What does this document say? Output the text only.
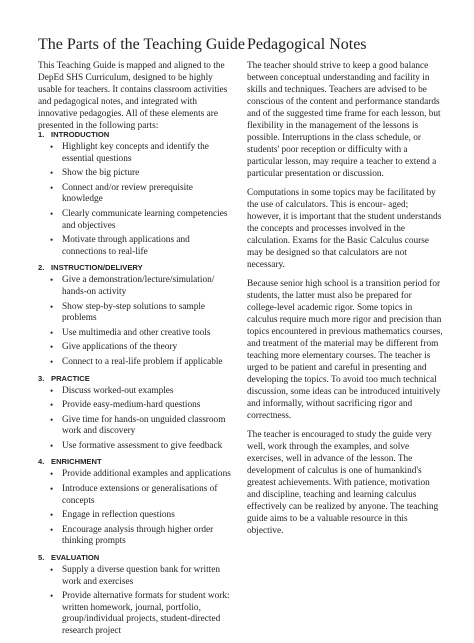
The Parts of the Teaching Guide

This Teaching Guide is mapped and aligned to the DepEd SHS Curriculum, designed to be highly usable for teachers. It contains classroom activities and pedagogical notes, and integrated with innovative pedagogies. All of these elements are presented in the following parts:

1. INTRODUCTION
• Highlight key concepts and identify the essential questions
• Show the big picture
• Connect and/or review prerequisite knowledge
• Clearly communicate learning competencies and objectives
• Motivate through applications and connections to real-life
2. INSTRUCTION/DELIVERY
• Give a demonstration/lecture/simulation/ hands-on activity
• Show step-by-step solutions to sample problems
• Use multimedia and other creative tools
• Give applications of the theory
• Connect to a real-life problem if applicable
3. PRACTICE
• Discuss worked-out examples
• Provide easy-medium-hard questions
• Give time for hands-on unguided classroom work and discovery
• Use formative assessment to give feedback
4. ENRICHMENT
• Provide additional examples and applications
• Introduce extensions or generalisations of concepts
• Engage in reflection questions
• Encourage analysis through higher order thinking prompts
5. EVALUATION
• Supply a diverse question bank for written work and exercises
• Provide alternative formats for student work: written homework, journal, portfolio, group/individual projects, student-directed research project
Pedagogical Notes

The teacher should strive to keep a good balance between conceptual understanding and facility in skills and techniques. Teachers are advised to be conscious of the content and performance standards and of the suggested time frame for each lesson, but flexibility in the management of the lessons is possible. Interruptions in the class schedule, or students' poor reception or difficulty with a particular lesson, may require a teacher to extend a particular presentation or discussion.

Computations in some topics may be facilitated by the use of calculators. This is encour- aged; however, it is important that the student understands the concepts and processes involved in the calculation. Exams for the Basic Calculus course may be designed so that calculators are not necessary.

Because senior high school is a transition period for students, the latter must also be prepared for college-level academic rigor. Some topics in calculus require much more rigor and precision than topics encountered in previous mathematics courses, and treatment of the material may be different from teaching more elementary courses. The teacher is urged to be patient and careful in presenting and developing the topics. To avoid too much technical discussion, some ideas can be introduced intuitively and informally, without sacrificing rigor and correctness.

The teacher is encouraged to study the guide very well, work through the examples, and solve exercises, well in advance of the lesson. The development of calculus is one of humankind's greatest achievements. With patience, motivation and discipline, teaching and learning calculus effectively can be realized by anyone. The teaching guide aims to be a valuable resource in this objective.
